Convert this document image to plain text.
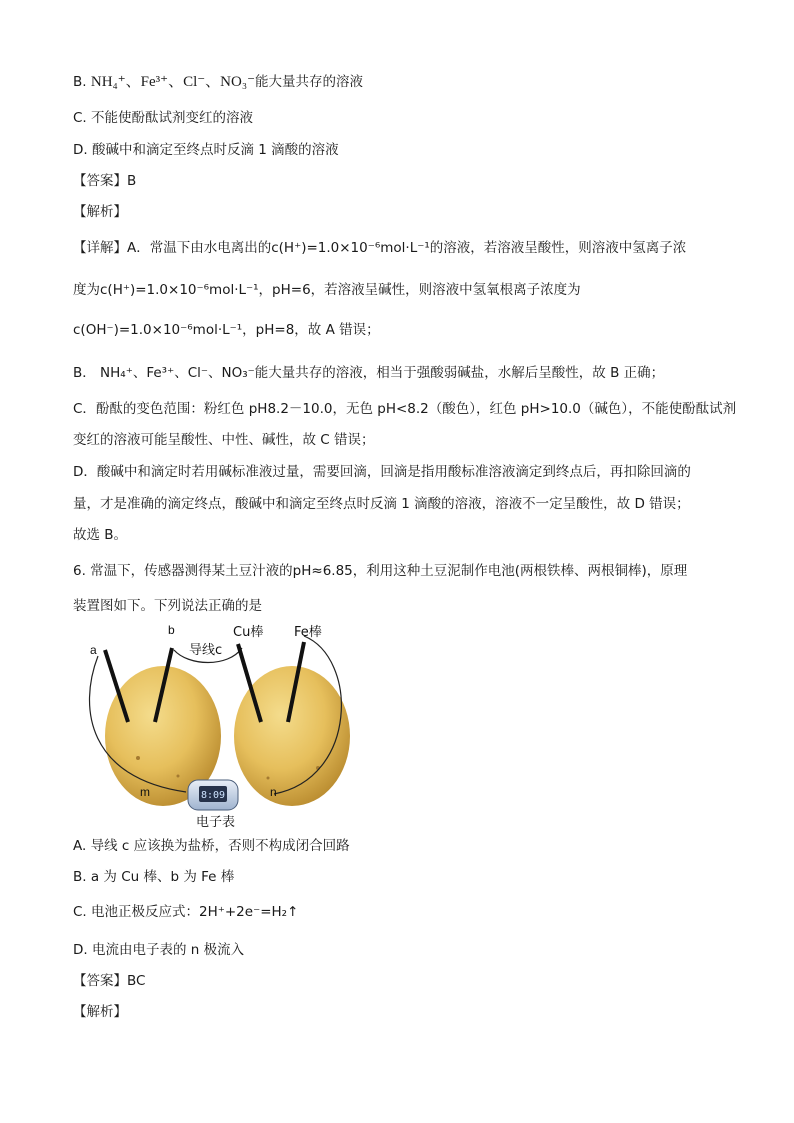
B. NH₄⁺、Fe³⁺、Cl⁻、NO₃⁻能大量共存的溶液
C. 不能使酚酞试剂变红的溶液
D. 酸碱中和滴定至终点时反滴 1 滴酸的溶液
【答案】B
【解析】
【详解】A．常温下由水电离出的c(H⁺)=1.0×10⁻⁶mol·L⁻¹的溶液，若溶液呈酸性，则溶液中氢离子浓
度为c(H⁺)=1.0×10⁻⁶mol·L⁻¹，pH=6，若溶液呈碱性，则溶液中氢氧根离子浓度为
c(OH⁻)=1.0×10⁻⁶mol·L⁻¹，pH=8，故 A 错误；
B． NH₄⁺、Fe³⁺、Cl⁻、NO₃⁻能大量共存的溶液，相当于强酸弱碱盐，水解后呈酸性，故 B 正确；
C．酚酞的变色范围：粉红色 pH8.2－10.0，无色 pH<8.2（酸色），红色 pH>10.0（碱色），不能使酚酞试剂
变红的溶液可能呈酸性、中性、碱性，故 C 错误；
D．酸碱中和滴定时若用碱标准液过量，需要回滴，回滴是指用酸标准溶液滴定到终点后，再扣除回滴的
量，才是准确的滴定终点，酸碱中和滴定至终点时反滴 1 滴酸的溶液，溶液不一定呈酸性，故 D 错误；
故选 B。
6. 常温下，传感器测得某土豆汁液的pH≈6.85，利用这种土豆泥制作电池(两根铁棒、两根铜棒)，原理
装置图如下。下列说法正确的是
8:09
a
b	Cu棒 Fe棒
导线c
m	n
电子表
A. 导线 c 应该换为盐桥，否则不构成闭合回路
B. a 为 Cu 棒、b 为 Fe 棒
C. 电池正极反应式：2H⁺+2e⁻=H₂↑
D. 电流由电子表的 n 极流入
【答案】BC
【解析】
